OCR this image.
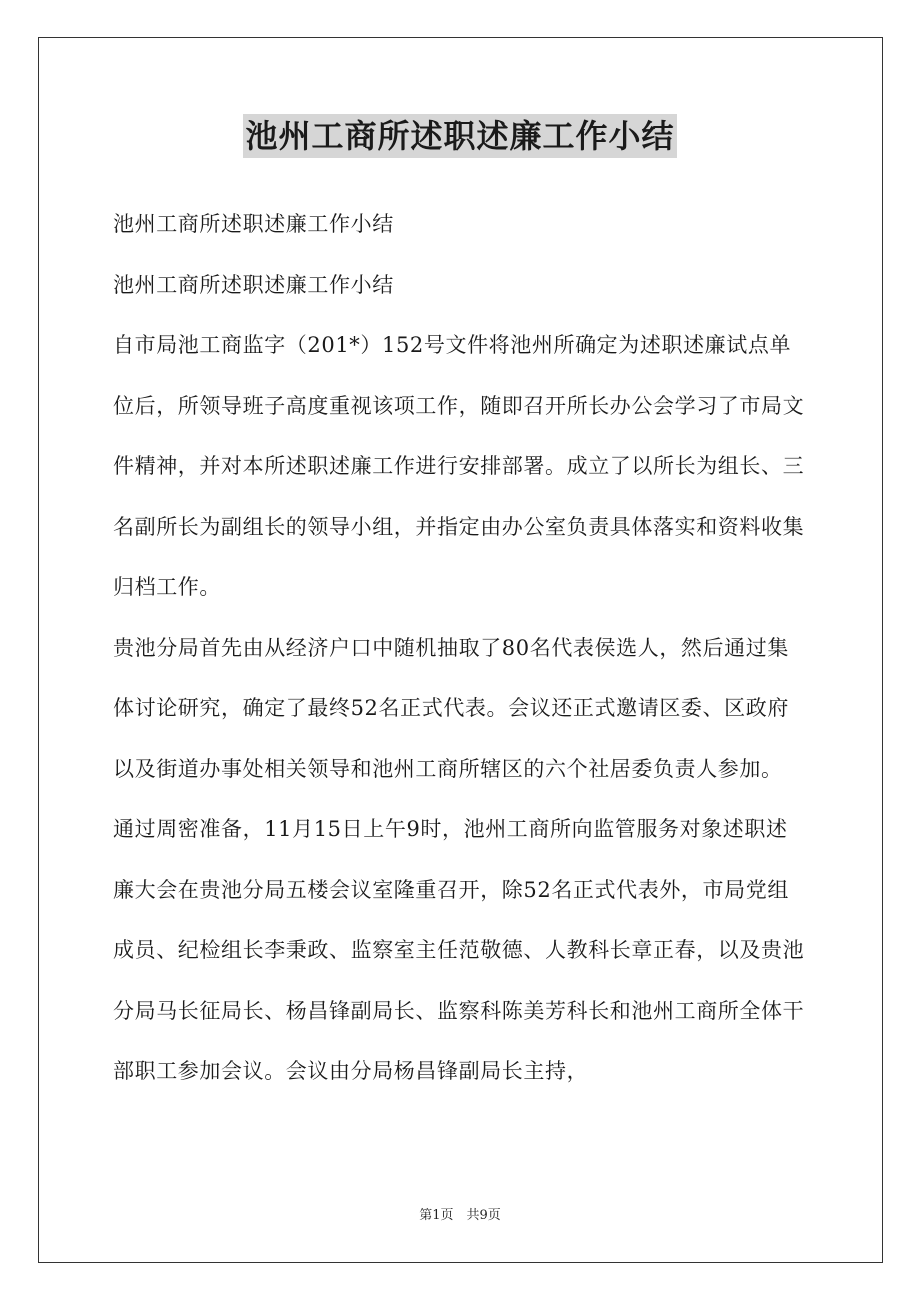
池州工商所述职述廉工作小结

池州工商所述职述廉工作小结

池州工商所述职述廉工作小结

自市局池工商监字（201*）152号文件将池州所确定为述职述廉试点单位后，所领导班子高度重视该项工作，随即召开所长办公会学习了市局文件精神，并对本所述职述廉工作进行安排部署。成立了以所长为组长、三名副所长为副组长的领导小组，并指定由办公室负责具体落实和资料收集归档工作。

贵池分局首先由从经济户口中随机抽取了80名代表侯选人，然后通过集体讨论研究，确定了最终52名正式代表。会议还正式邀请区委、区政府以及街道办事处相关领导和池州工商所辖区的六个社居委负责人参加。

通过周密准备，11月15日上午9时，池州工商所向监管服务对象述职述廉大会在贵池分局五楼会议室隆重召开，除52名正式代表外，市局党组成员、纪检组长李秉政、监察室主任范敬德、人教科长章正春，以及贵池分局马长征局长、杨昌锋副局长、监察科陈美芳科长和池州工商所全体干部职工参加会议。会议由分局杨昌锋副局长主持，

第1页　共9页
